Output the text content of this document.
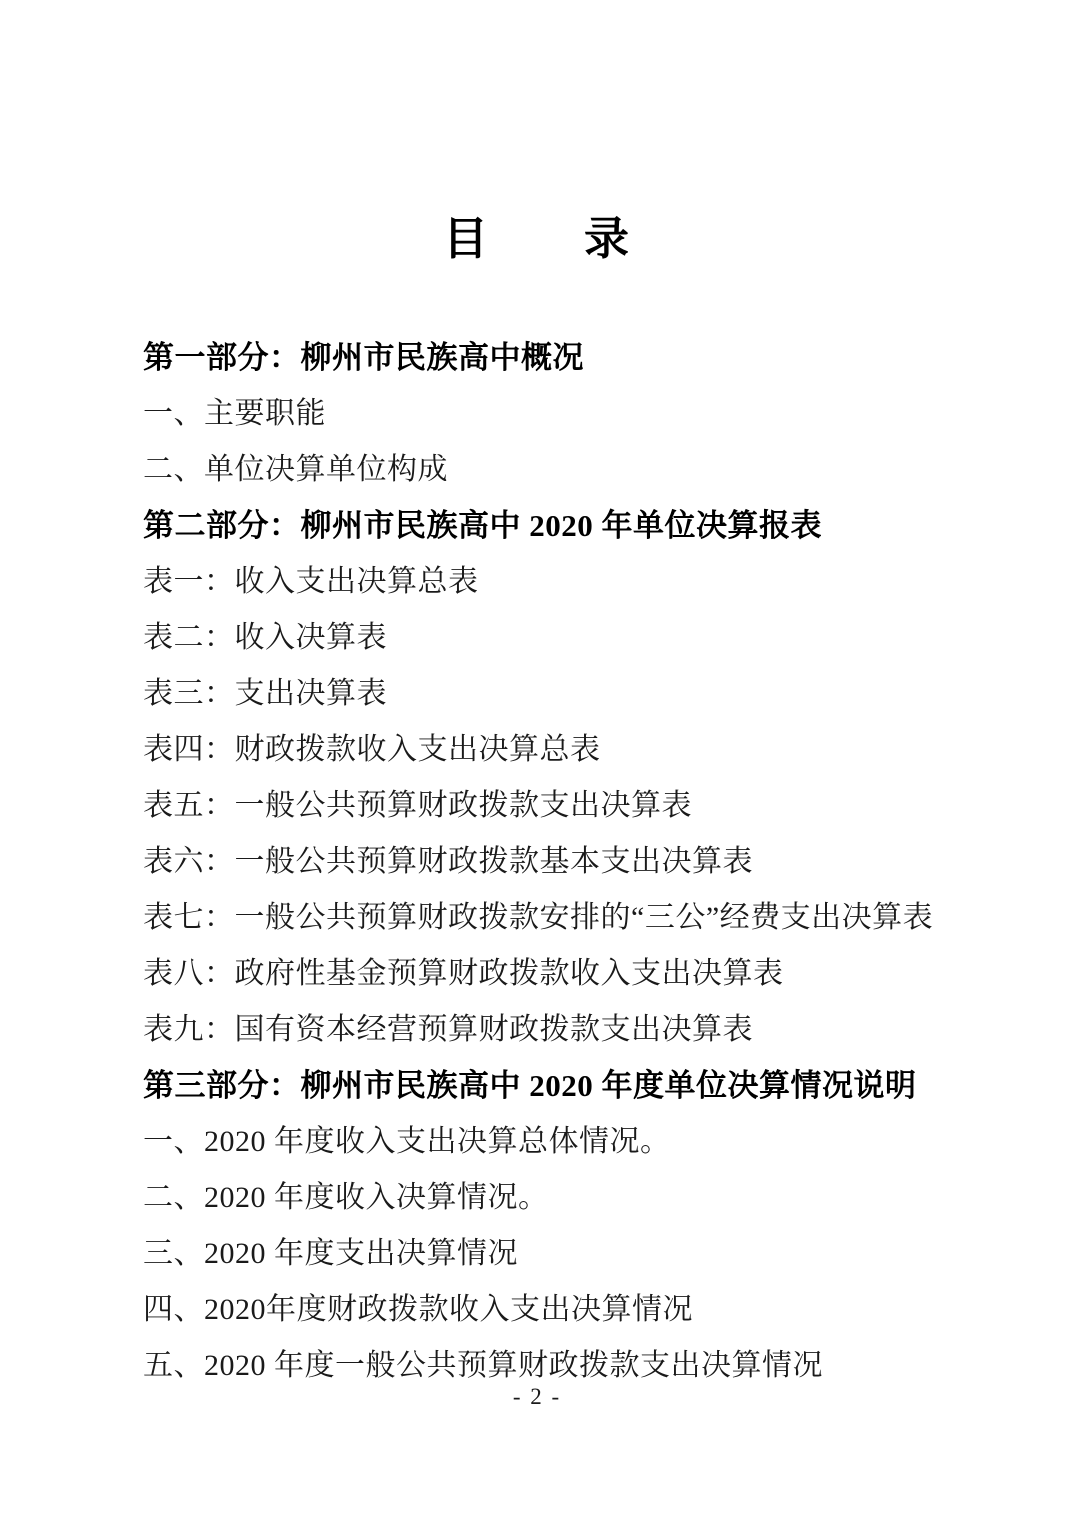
目　　录
第一部分：柳州市民族高中概况
一、主要职能
二、单位决算单位构成
第二部分：柳州市民族高中 2020 年单位决算报表
表一：收入支出决算总表
表二：收入决算表
表三：支出决算表
表四：财政拨款收入支出决算总表
表五：一般公共预算财政拨款支出决算表
表六：一般公共预算财政拨款基本支出决算表
表七：一般公共预算财政拨款安排的“三公”经费支出决算表
表八：政府性基金预算财政拨款收入支出决算表
表九：国有资本经营预算财政拨款支出决算表
第三部分：柳州市民族高中 2020 年度单位决算情况说明
一、2020 年度收入支出决算总体情况。
二、2020 年度收入决算情况。
三、2020 年度支出决算情况
四、2020年度财政拨款收入支出决算情况
五、2020 年度一般公共预算财政拨款支出决算情况
- 2 -
